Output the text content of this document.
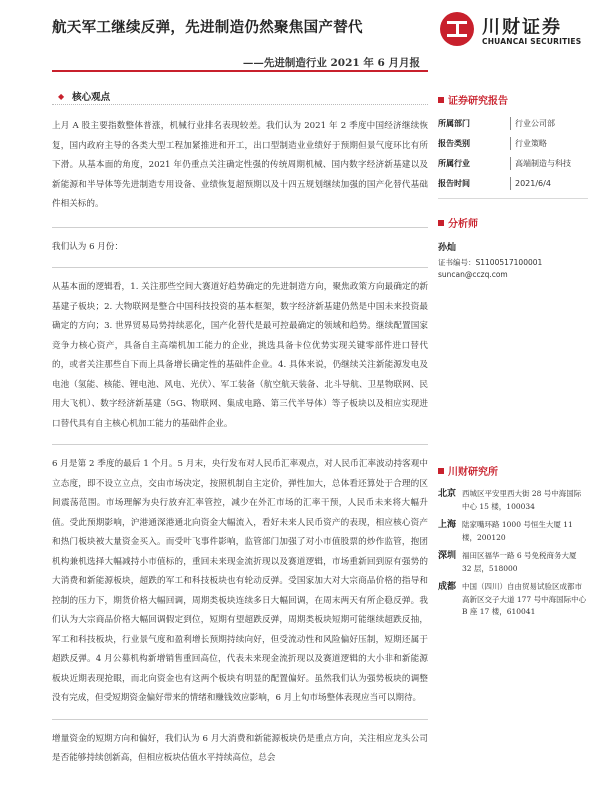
航天军工继续反弹，先进制造仍然聚焦国产替代
——先进制造行业 2021 年 6 月月报
川财证券
CHUANCAI SECURITIES
◆ 核心观点

上月 A 股主要指数整体普涨，机械行业排名表现较差。我们认为 2021 年 2 季度中国经济继续恢复，国内政府主导的各类大型工程加紧推进和开工，出口型制造业业绩好于预期但景气度环比有所下滑。从基本面的角度，2021 年仍重点关注确定性强的传统周期机械、国内数字经济新基建以及新能源和半导体等先进制造专用设备、业绩恢复超预期以及十四五规划继续加强的国产化替代基础件相关标的。

我们认为 6 月份：

从基本面的逻辑看，1. 关注那些空间大赛道好趋势确定的先进制造方向，聚焦政策方向最确定的新基建子板块；2. 大物联网是整合中国科技投资的基本框架，数字经济新基建仍然是中国未来投资最确定的方向；3. 世界贸易局势持续恶化，国产化替代是最可控最确定的领域和趋势。继续配置国家竞争力核心资产，具备自主高端机加工能力的企业，挑选具备卡位优势实现关键零部件进口替代的，或者关注那些自下而上具备增长确定性的基础件企业。4. 具体来说，仍继续关注新能源发电及电池（氢能、核能、锂电池、风电、光伏）、军工装备（航空航天装备、北斗导航、卫星物联网、民用大飞机）、数字经济新基建（5G、物联网、集成电路、第三代半导体）等子板块以及相应实现进口替代具有自主核心机加工能力的基础件企业。

6 月是第 2 季度的最后 1 个月。5 月末，央行发布对人民币汇率观点，对人民币汇率波动持客观中立态度，即不设立立点，交由市场决定，按照机制自主定价，弹性加大，总体看还算处于合理的区间震荡范围。市场理解为央行放弃汇率管控，减少在外汇市场的汇率干预，人民币未来将大幅升值。受此预期影响，沪港通深港通北向资金大幅流入，看好未来人民币资产的表现，相应核心资产和热门板块被大量资金买入。而受叶飞事件影响，监管部门加强了对小市值股票的炒作监管，抱团机构兼机选择大幅减持小市值标的，重回未来现金流折现以及赛道逻辑，市场重新回到原有强势的大消费和新能源板块，超跌的军工和科技板块也有轮动反弹。受国家加大对大宗商品价格的指导和控制的压力下，期货价格大幅回调，周期类板块连续多日大幅回调，在周末两天有所企稳反弹。我们认为大宗商品价格大幅回调假定到位，短期有望超跌反弹，周期类板块短期可能继续超跌反抽，军工和科技板块，行业景气度和盈利增长预期持续向好，但受流动性和风险偏好压制，短期还属于超跌反弹。4 月公募机构新增销售重回高位，代表未来现金流折现以及赛道逻辑的大小非和新能源板块近期表现抢眼，而北向资金也有这两个板块有明显的配置偏好。虽然我们认为强势板块的调整没有完成，但受短期资金偏好带来的情绪和赚钱效应影响，6 月上旬市场整体表现应当可以期待。

增量资金的短期方向和偏好，我们认为 6 月大消费和新能源板块仍是重点方向，关注相应龙头公司是否能够持续创新高，但相应板块估值水平持续高位，总会

证券研究报告
所属部门	行业公司部
报告类别	行业策略
所属行业	高端制造与科技
报告时间	2021/6/4
分析师
孙灿
证书编号：S1100517100001
suncan@cczq.com
川财研究所
北京 西城区平安里西大街 28 号中海国际中心 15 楼，100034
上海 陆家嘴环路 1000 号恒生大厦 11 楼，200120
深圳 福田区福华一路 6 号免税商务大厦 32 层，518000
成都 中国（四川）自由贸易试验区成都市高新区交子大道 177 号中海国际中心 B 座 17 楼，610041
